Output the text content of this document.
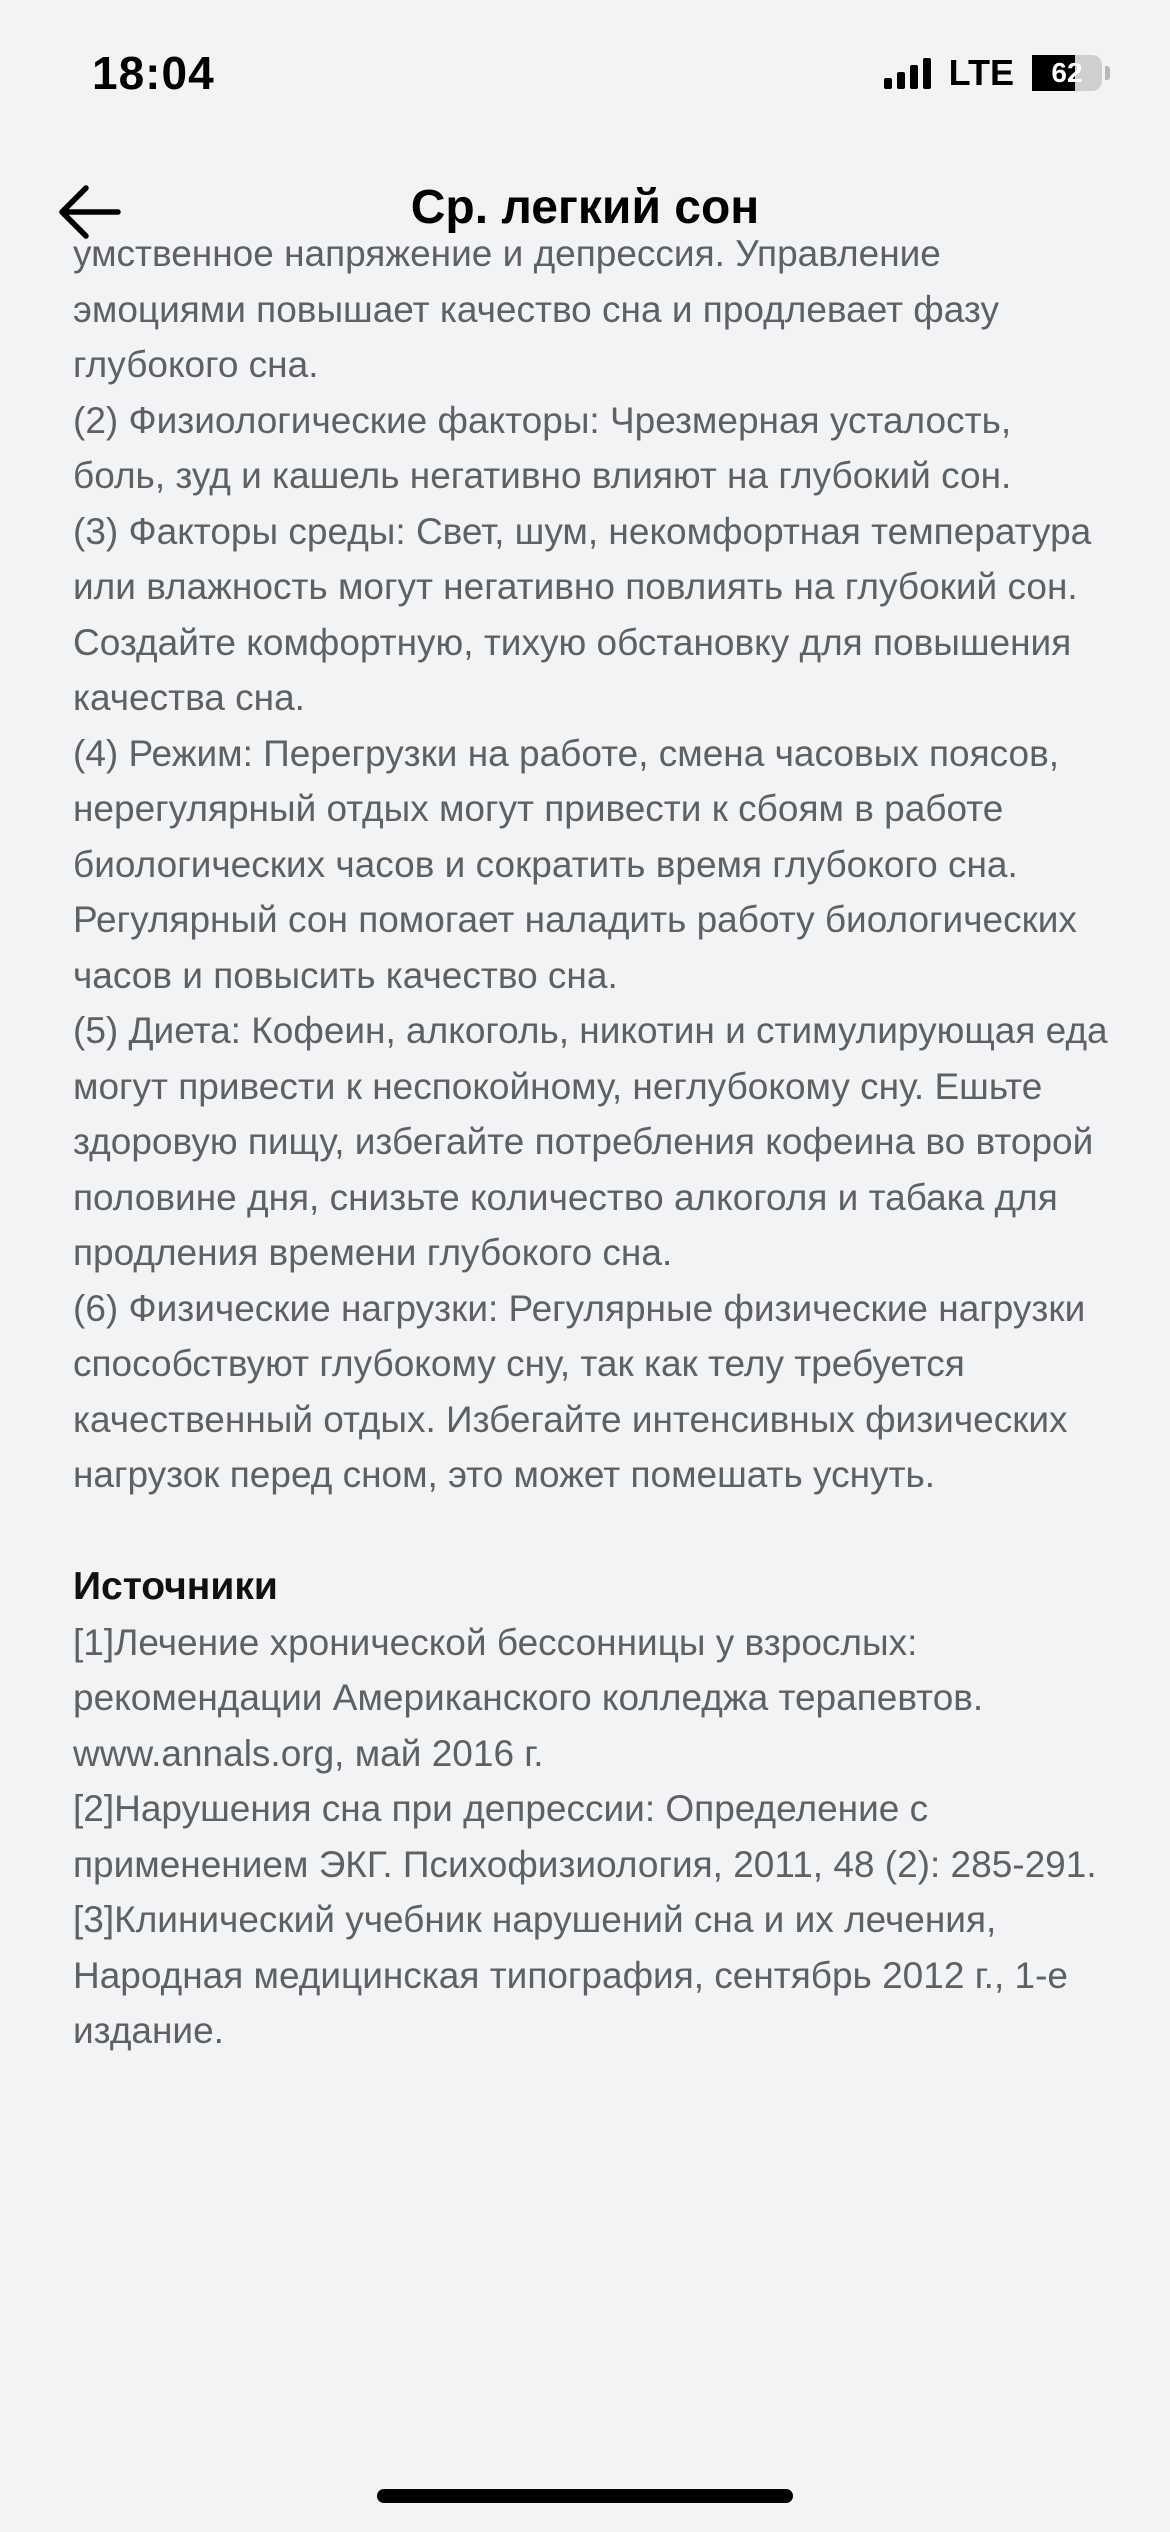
18:04	LTE	62
Ср. легкий сон

умственное напряжение и депрессия. Управление

эмоциями повышает качество сна и продлевает фазу глубокого сна.

(2) Физиологические факторы: Чрезмерная усталость, боль, зуд и кашель негативно влияют на глубокий сон.

(3) Факторы среды: Свет, шум, некомфортная температура или влажность могут негативно повлиять на глубокий сон. Создайте комфортную, тихую обстановку для повышения качества сна.

(4) Режим: Перегрузки на работе, смена часовых поясов, нерегулярный отдых могут привести к сбоям в работе биологических часов и сократить время глубокого сна. Регулярный сон помогает наладить работу биологических часов и повысить качество сна.

(5) Диета: Кофеин, алкоголь, никотин и стимулирующая еда могут привести к неспокойному, неглубокому сну. Ешьте здоровую пищу, избегайте потребления кофеина во второй половине дня, снизьте количество алкоголя и табака для продления времени глубокого сна.

(6) Физические нагрузки: Регулярные физические нагрузки способствуют глубокому сну, так как телу требуется качественный отдых. Избегайте интенсивных физических нагрузок перед сном, это может помешать уснуть.

Источники

[1]Лечение хронической бессонницы у взрослых: рекомендации Американского колледжа терапевтов. www.annals.org, май 2016 г.

[2]Нарушения сна при депрессии: Определение с применением ЭКГ. Психофизиология, 2011, 48 (2): 285-291.

[3]Клинический учебник нарушений сна и их лечения, Народная медицинская типография, сентябрь 2012 г., 1-е издание.
